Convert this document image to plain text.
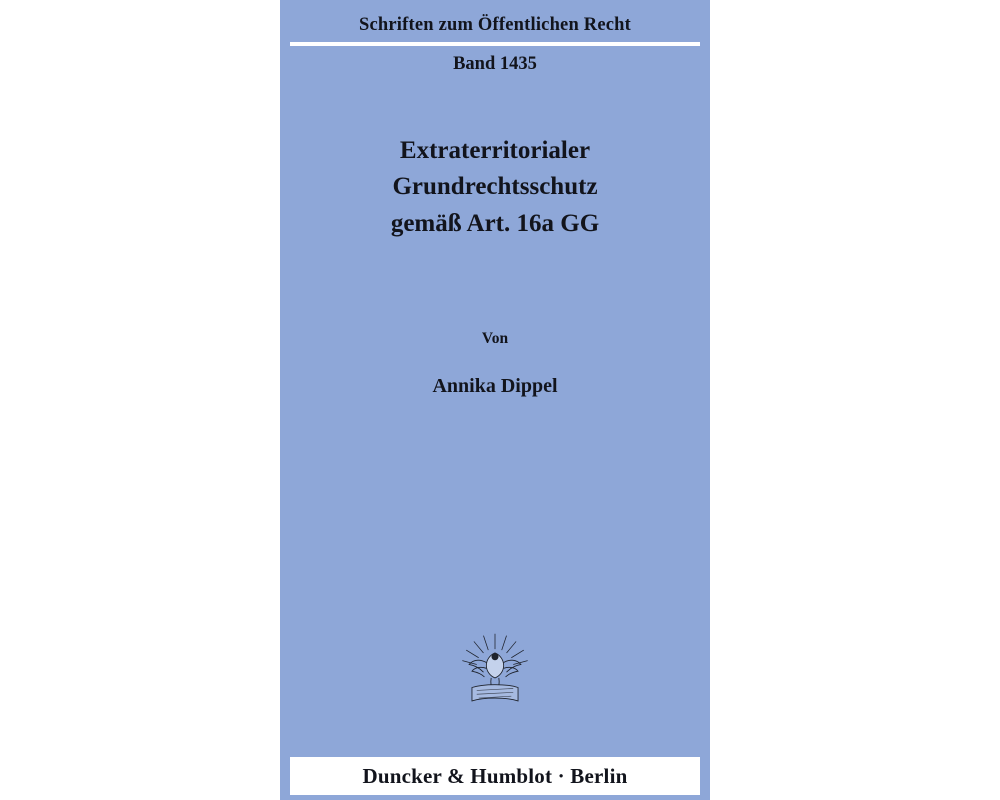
Schriften zum Öffentlichen Recht
Band 1435
Extraterritorialer
Grundrechtsschutz
gemäß Art. 16a GG
Von
Annika Dippel
Duncker & Humblot · Berlin
